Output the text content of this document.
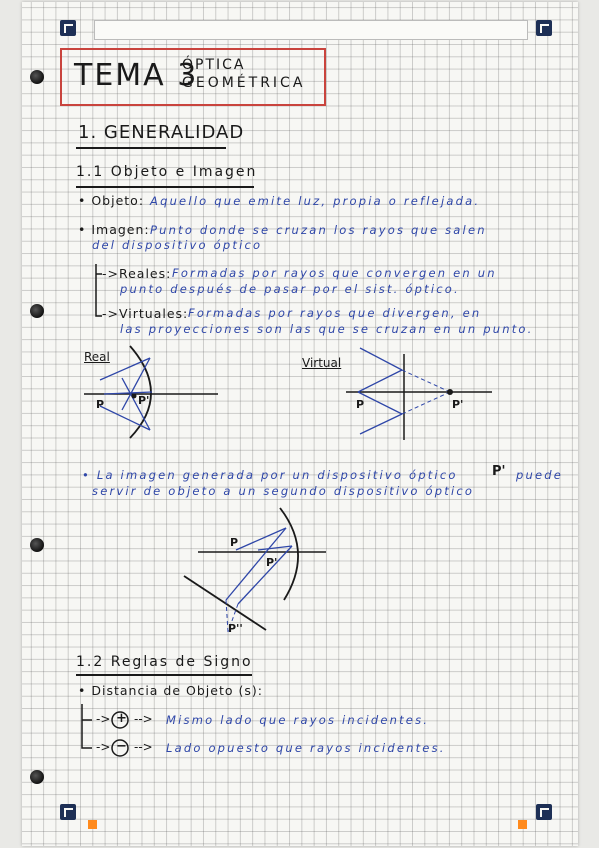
TEMA 3
ÓPTICA
GEOMÉTRICA
1. GENERALIDAD
1.1 Objeto e Imagen
• Objeto: Aquello que emite luz, propia o reflejada.
• Imagen: Punto donde se cruzan los rayos que salen
del dispositivo óptico
->Reales: Formadas por rayos que convergen en un
punto después de pasar por el sist. óptico.
->Virtuales: Formadas por rayos que divergen, en
las proyecciones son las que se cruzan en un punto.
Real
P	P'
Virtual
P	P'
• La imagen generada por un dispositivo óptico	P' puede
servir de objeto a un segundo dispositivo óptico
P
P'
P''
1.2 Reglas de Signo
• Distancia de Objeto (s):
-> + --> Mismo lado que rayos incidentes.
-> − --> Lado opuesto que rayos incidentes.
